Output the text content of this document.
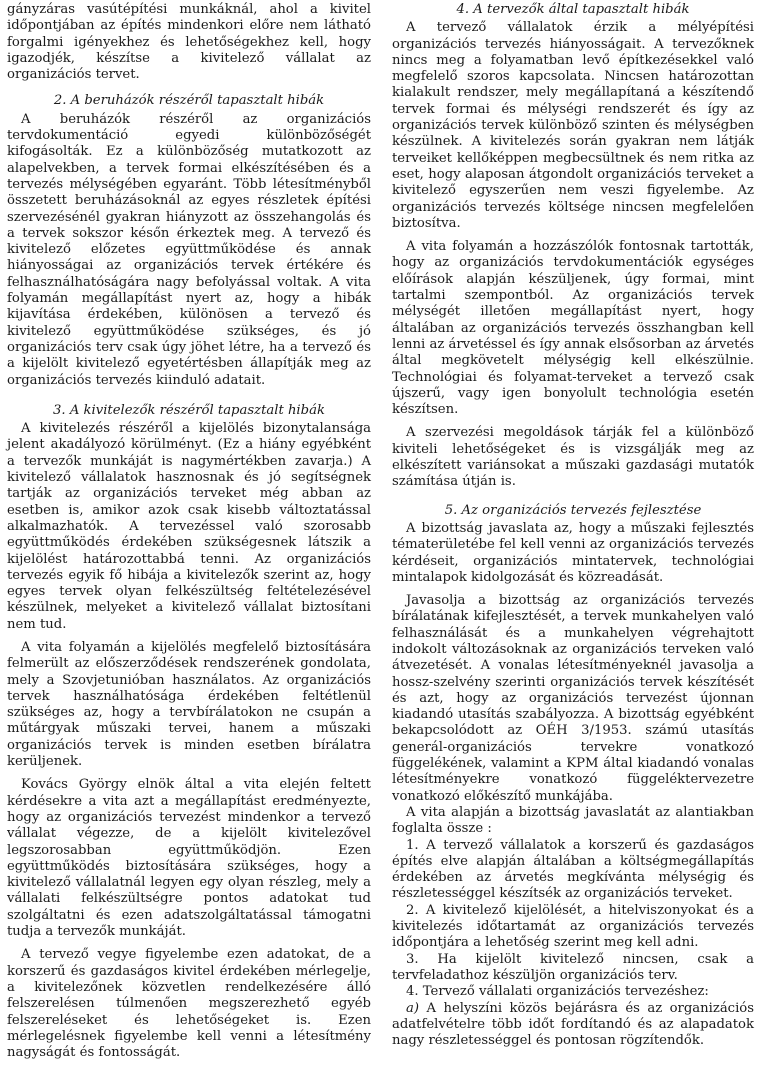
gányzáras vasútépítési munkáknál, ahol a kivitel időpontjában az építés mindenkori előre nem látható forgalmi igényekhez és lehetőségekhez kell, hogy igazodjék, készítse a kivitelező vállalat az organizációs tervet.

2. A beruházók részéről tapasztalt hibák

A beruházók részéről az organizációs tervdokumentáció egyedi különbözőségét kifogásolták. Ez a különbözőség mutatkozott az alapelvekben, a tervek formai elkészítésében és a tervezés mélységében egyaránt. Több létesítményből összetett beruházásoknál az egyes részletek építési szervezésénél gyakran hiányzott az összehangolás és a tervek sokszor későn érkeztek meg. A tervező és kivitelező előzetes együttműködése és annak hiányosságai az organizációs tervek értékére és felhasználhatóságára nagy befolyással voltak. A vita folyamán megállapítást nyert az, hogy a hibák kijavítása érdekében, különösen a tervező és kivitelező együttműködése szükséges, és jó organizációs terv csak úgy jöhet létre, ha a tervező és a kijelölt kivitelező egyetértésben állapítják meg az organizációs tervezés kiinduló adatait.

3. A kivitelezők részéről tapasztalt hibák

A kivitelezés részéről a kijelölés bizonytalansága jelent akadályozó körülményt. (Ez a hiány egyébként a tervezők munkáját is nagymértékben zavarja.) A kivitelező vállalatok hasznosnak és jó segítségnek tartják az organizációs terveket még abban az esetben is, amikor azok csak kisebb változtatással alkalmazhatók. A tervezéssel való szorosabb együttműködés érdekében szükségesnek látszik a kijelölést határozottabbá tenni. Az organizációs tervezés egyik fő hibája a kivitelezők szerint az, hogy egyes tervek olyan felkészültség feltételezésével készülnek, melyeket a kivitelező vállalat biztosítani nem tud.

A vita folyamán a kijelölés megfelelő biztosítására felmerült az előszerződések rendszerének gondolata, mely a Szovjetunióban használatos. Az organizációs tervek használhatósága érdekében feltétlenül szükséges az, hogy a tervbírálatokon ne csupán a műtárgyak műszaki tervei, hanem a műszaki organizációs tervek is minden esetben bírálatra kerüljenek.

Kovács György elnök által a vita elején feltett kérdésekre a vita azt a megállapítást eredményezte, hogy az organizációs tervezést mindenkor a tervező vállalat végezze, de a kijelölt kivitelezővel legszorosabban együttműködjön. Ezen együttműködés biztosítására szükséges, hogy a kivitelező vállalatnál legyen egy olyan részleg, mely a vállalati felkészültségre pontos adatokat tud szolgáltatni és ezen adatszolgáltatással támogatni tudja a tervezők munkáját.

A tervező vegye figyelembe ezen adatokat, de a korszerű és gazdaságos kivitel érdekében mérlegelje, a kivitelezőnek közvetlen rendelkezésére álló felszerelésen túlmenően megszerezhető egyéb felszereléseket és lehetőségeket is. Ezen mérlegelésnek figyelembe kell venni a létesítmény nagyságát és fontosságát.

4. A tervezők által tapasztalt hibák

A tervező vállalatok érzik a mélyépítési organizációs tervezés hiányosságait. A tervezőknek nincs meg a folyamatban levő építkezésekkel való megfelelő szoros kapcsolata. Nincsen határozottan kialakult rendszer, mely megállapítaná a készítendő tervek formai és mélységi rendszerét és így az organizációs tervek különböző szinten és mélységben készülnek. A kivitelezés során gyakran nem látják terveiket kellőképpen megbecsültnek és nem ritka az eset, hogy alaposan átgondolt organizációs terveket a kivitelező egyszerűen nem veszi figyelembe. Az organizációs tervezés költsége nincsen megfelelően biztosítva.

A vita folyamán a hozzászólók fontosnak tartották, hogy az organizációs tervdokumentációk egységes előírások alapján készüljenek, úgy formai, mint tartalmi szempontból. Az organizációs tervek mélységét illetően megállapítást nyert, hogy általában az organizációs tervezés összhangban kell lenni az árvetéssel és így annak elsősorban az árvetés által megkövetelt mélységig kell elkészülnie. Technológiai és folyamat-terveket a tervező csak újszerű, vagy igen bonyolult technológia esetén készítsen.

A szervezési megoldások tárják fel a különböző kiviteli lehetőségeket és is vizsgálják meg az elkészített variánsokat a műszaki gazdasági mutatók számítása útján is.

5. Az organizációs tervezés fejlesztése

A bizottság javaslata az, hogy a műszaki fejlesztés tématerületébe fel kell venni az organizációs tervezés kérdéseit, organizációs mintatervek, technológiai mintalapok kidolgozását és közreadását.

Javasolja a bizottság az organizációs tervezés bírálatának kifejlesztését, a tervek munkahelyen való felhasználását és a munkahelyen végrehajtott indokolt változásoknak az organizációs terveken való átvezetését. A vonalas létesítményeknél javasolja a hossz-szelvény szerinti organizációs tervek készítését és azt, hogy az organizációs tervezést újonnan kiadandó utasítás szabályozza. A bizottság egyébként bekapcsolódott az OÉH 3/1953. számú utasítás generál-organizációs tervekre vonatkozó függelékének, valamint a KPM által kiadandó vonalas létesítményekre vonatkozó függeléktervezetre vonatkozó előkészítő munkájába.

A vita alapján a bizottság javaslatát az alantiakban foglalta össze :

1. A tervező vállalatok a korszerű és gazdaságos építés elve alapján általában a költségmegállapítás érdekében az árvetés megkívánta mélységig és részletességgel készítsék az organizációs terveket.

2. A kivitelező kijelölését, a hitelviszonyokat és a kivitelezés időtartamát az organizációs tervezés időpontjára a lehetőség szerint meg kell adni.

3. Ha kijelölt kivitelező nincsen, csak a tervfeladathoz készüljön organizációs terv.

4. Tervező vállalati organizációs tervezéshez:

a) A helyszíni közös bejárásra és az organizációs adatfelvételre több időt fordítandó és az alapadatok nagy részletességgel és pontosan rögzítendők.
